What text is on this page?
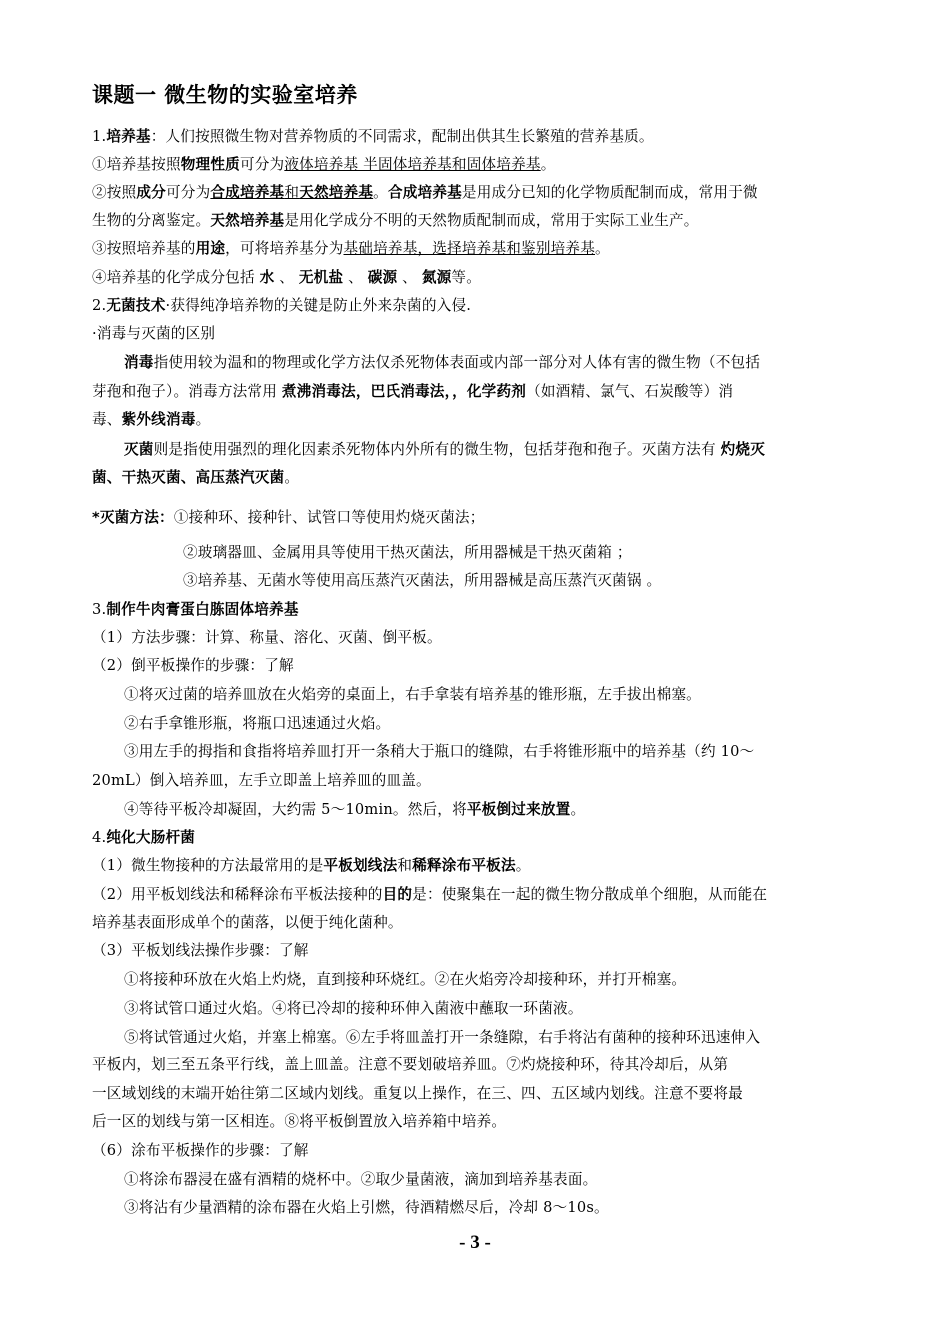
课题一 微生物的实验室培养
1.培养基：人们按照微生物对营养物质的不同需求，配制出供其生长繁殖的营养基质。
①培养基按照物理性质可分为液体培养基 半固体培养基和固体培养基。
②按照成分可分为合成培养基和天然培养基。合成培养基是用成分已知的化学物质配制而成，常用于微
生物的分离鉴定。天然培养基是用化学成分不明的天然物质配制而成，常用于实际工业生产。
③按照培养基的用途，可将培养基分为基础培养基，选择培养基和鉴别培养基。
④培养基的化学成分包括 水 、 无机盐 、 碳源 、 氮源等。
2.无菌技术·获得纯净培养物的关键是防止外来杂菌的入侵.
·消毒与灭菌的区别
消毒指使用较为温和的物理或化学方法仅杀死物体表面或内部一部分对人体有害的微生物（不包括
芽孢和孢子）。消毒方法常用 煮沸消毒法，巴氏消毒法，，化学药剂（如酒精、氯气、石炭酸等）消
毒、紫外线消毒。
灭菌则是指使用强烈的理化因素杀死物体内外所有的微生物，包括芽孢和孢子。灭菌方法有 灼烧灭
菌、干热灭菌、高压蒸汽灭菌。
*灭菌方法：①接种环、接种针、试管口等使用灼烧灭菌法；
②玻璃器皿、金属用具等使用干热灭菌法，所用器械是干热灭菌箱 ；
③培养基、无菌水等使用高压蒸汽灭菌法，所用器械是高压蒸汽灭菌锅 。
3.制作牛肉膏蛋白胨固体培养基
（1）方法步骤：计算、称量、溶化、灭菌、倒平板。
（2）倒平板操作的步骤：了解
①将灭过菌的培养皿放在火焰旁的桌面上，右手拿装有培养基的锥形瓶，左手拔出棉塞。
②右手拿锥形瓶，将瓶口迅速通过火焰。
③用左手的拇指和食指将培养皿打开一条稍大于瓶口的缝隙，右手将锥形瓶中的培养基（约 10～
20mL）倒入培养皿，左手立即盖上培养皿的皿盖。
④等待平板冷却凝固，大约需 5～10min。然后，将平板倒过来放置。
4.纯化大肠杆菌
（1）微生物接种的方法最常用的是平板划线法和稀释涂布平板法。
（2）用平板划线法和稀释涂布平板法接种的目的是：使聚集在一起的微生物分散成单个细胞，从而能在
培养基表面形成单个的菌落，以便于纯化菌种。
（3）平板划线法操作步骤：了解
①将接种环放在火焰上灼烧，直到接种环烧红。②在火焰旁冷却接种环，并打开棉塞。
③将试管口通过火焰。④将已冷却的接种环伸入菌液中蘸取一环菌液。
⑤将试管通过火焰，并塞上棉塞。⑥左手将皿盖打开一条缝隙，右手将沾有菌种的接种环迅速伸入
平板内，划三至五条平行线，盖上皿盖。注意不要划破培养皿。⑦灼烧接种环，待其冷却后，从第
一区域划线的末端开始往第二区域内划线。重复以上操作，在三、四、五区域内划线。注意不要将最
后一区的划线与第一区相连。⑧将平板倒置放入培养箱中培养。
（6）涂布平板操作的步骤：了解
①将涂布器浸在盛有酒精的烧杯中。②取少量菌液，滴加到培养基表面。
③将沾有少量酒精的涂布器在火焰上引燃，待酒精燃尽后，冷却 8～10s。
- 3 -
